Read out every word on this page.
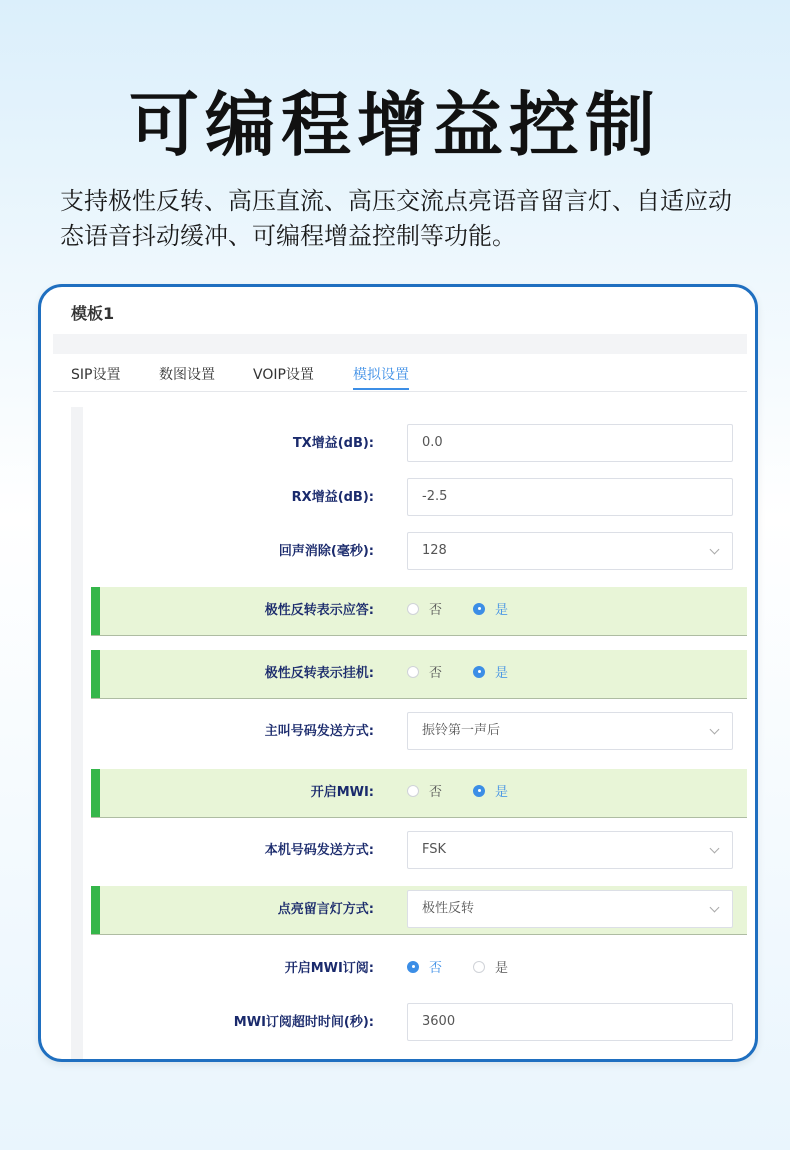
可编程增益控制
支持极性反转、高压直流、高压交流点亮语音留言灯、自适应动态语音抖动缓冲、可编程增益控制等功能。
模板1
SIP设置	数图设置	VOIP设置	模拟设置
TX增益(dB):	0.0
RX增益(dB):	-2.5
回声消除(毫秒):	128
极性反转表示应答:	否	是
极性反转表示挂机:	否	是
主叫号码发送方式:	振铃第一声后
开启MWI:	否	是
本机号码发送方式:	FSK
点亮留言灯方式:	极性反转
开启MWI订阅:	否	是
MWI订阅超时时间(秒):	3600
